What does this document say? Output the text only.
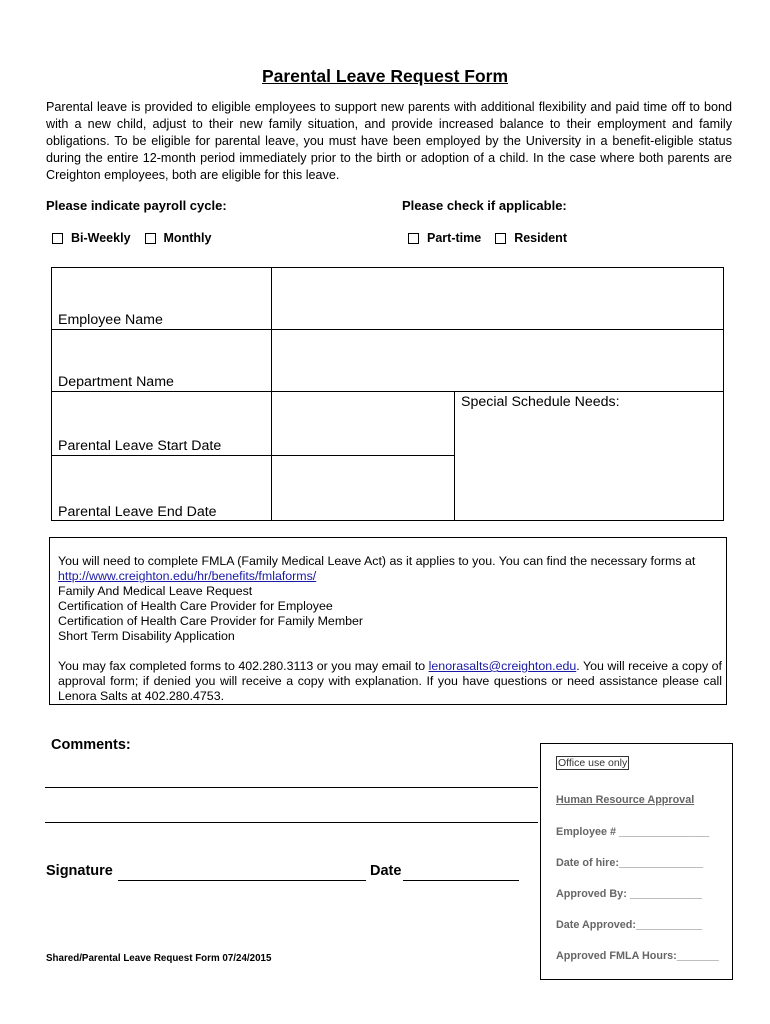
Parental Leave Request Form
Parental leave is provided to eligible employees to support new parents with additional flexibility and paid time off to bond with a new child, adjust to their new family situation, and provide increased balance to their employment and family obligations. To be eligible for parental leave, you must have been employed by the University in a benefit-eligible status during the entire 12-month period immediately prior to the birth or adoption of a child. In the case where both parents are Creighton employees, both are eligible for this leave.
Please indicate payroll cycle:	Please check if applicable:
Bi-Weekly	Monthly	Part-time	Resident
Employee Name
Department Name
Parental Leave Start Date
Parental Leave End Date
Special Schedule Needs:
You will need to complete FMLA (Family Medical Leave Act) as it applies to you. You can find the necessary forms at
http://www.creighton.edu/hr/benefits/fmlaforms/
Family And Medical Leave Request
Certification of Health Care Provider for Employee
Certification of Health Care Provider for Family Member
Short Term Disability Application
You may fax completed forms to 402.280.3113 or you may email to lenorasalts@creighton.edu. You will receive a copy of approval form; if denied you will receive a copy with explanation. If you have questions or need assistance please call Lenora Salts at 402.280.4753.
Comments:
Signature	Date
Shared/Parental Leave Request Form 07/24/2015
Office use only
Human Resource Approval
Employee # _______________
Date of hire:______________
Approved By: ____________
Date Approved:___________
Approved FMLA Hours:_______
